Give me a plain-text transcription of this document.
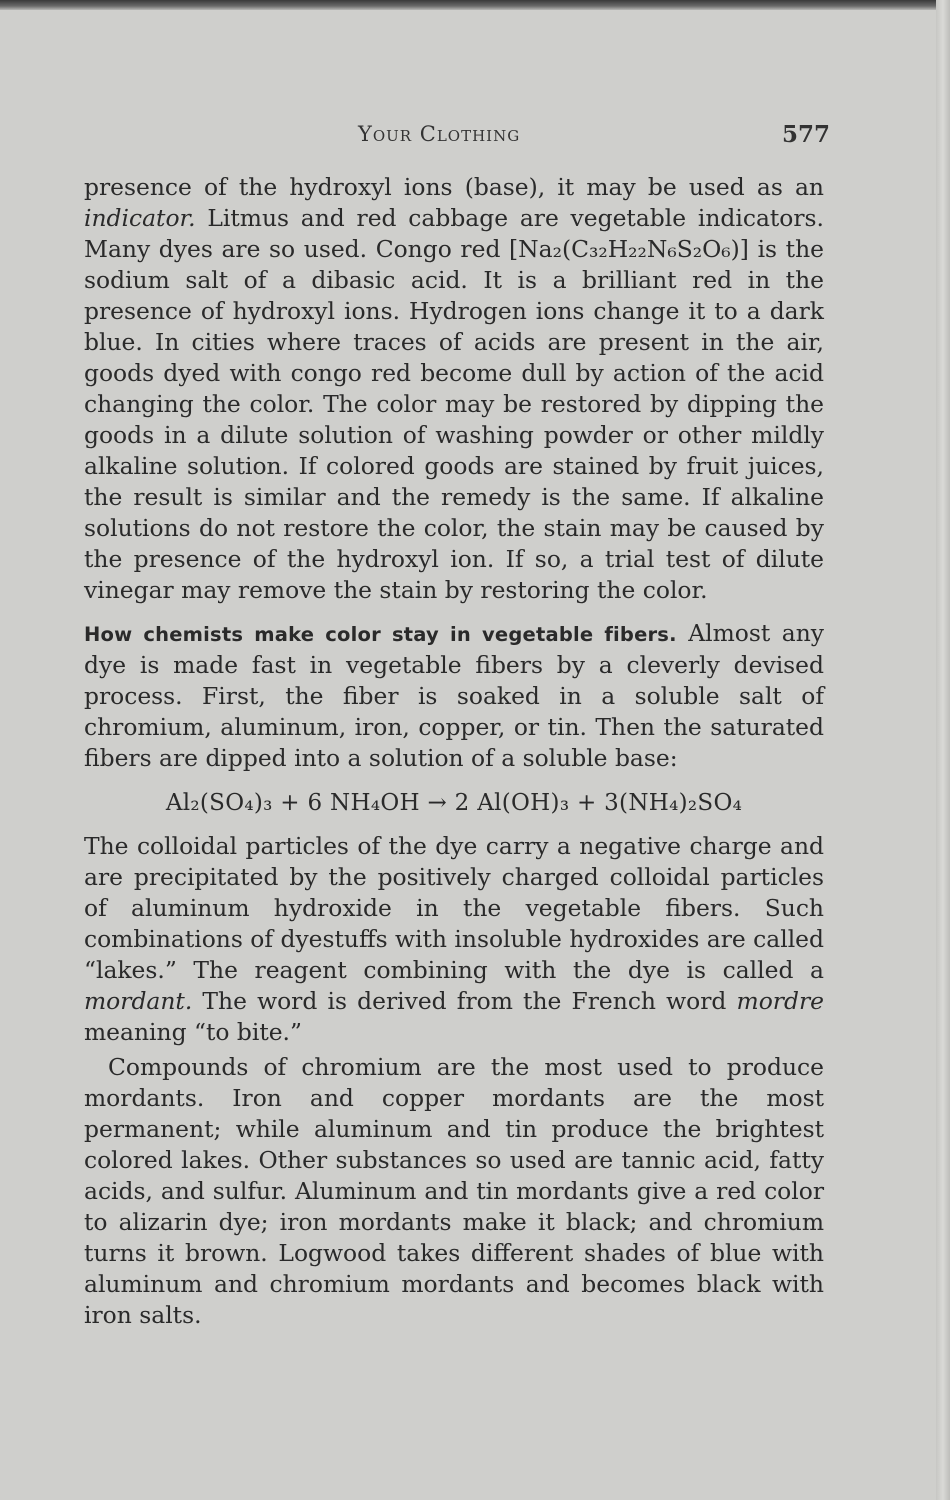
Your Clothing	577

presence of the hydroxyl ions (base), it may be used as an indicator. Litmus and red cabbage are vegetable indicators. Many dyes are so used. Congo red [Na₂(C₃₂H₂₂N₆S₂O₆)] is the sodium salt of a dibasic acid. It is a brilliant red in the presence of hydroxyl ions. Hydrogen ions change it to a dark blue. In cities where traces of acids are present in the air, goods dyed with congo red become dull by action of the acid changing the color. The color may be restored by dipping the goods in a dilute solution of washing powder or other mildly alkaline solution. If colored goods are stained by fruit juices, the result is similar and the remedy is the same. If alkaline solutions do not restore the color, the stain may be caused by the presence of the hydroxyl ion. If so, a trial test of dilute vinegar may remove the stain by restoring the color.

How chemists make color stay in vegetable fibers. Almost any dye is made fast in vegetable fibers by a cleverly devised process. First, the fiber is soaked in a soluble salt of chromium, aluminum, iron, copper, or tin. Then the saturated fibers are dipped into a solution of a soluble base:

Al₂(SO₄)₃ + 6 NH₄OH → 2 Al(OH)₃ + 3(NH₄)₂SO₄

The colloidal particles of the dye carry a negative charge and are precipitated by the positively charged colloidal particles of aluminum hydroxide in the vegetable fibers. Such combinations of dyestuffs with insoluble hydroxides are called “lakes.” The reagent combining with the dye is called a mordant. The word is derived from the French word mordre meaning “to bite.”

Compounds of chromium are the most used to produce mordants. Iron and copper mordants are the most permanent; while aluminum and tin produce the brightest colored lakes. Other substances so used are tannic acid, fatty acids, and sulfur. Aluminum and tin mordants give a red color to alizarin dye; iron mordants make it black; and chromium turns it brown. Logwood takes different shades of blue with aluminum and chromium mordants and becomes black with iron salts.
